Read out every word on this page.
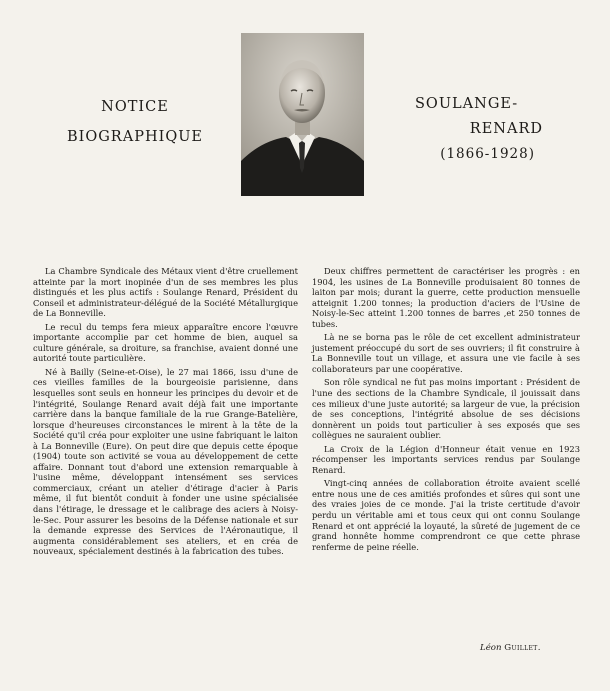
NOTICE
BIOGRAPHIQUE
SOULANGE-
RENARD
(1866-1928)

La Chambre Syndicale des Métaux vient d'être cruellement atteinte par la mort inopinée d'un de ses membres les plus distingués et les plus actifs : Soulange Renard, Président du Conseil et administrateur-délégué de la Société Métallurgique de La Bonneville.

Le recul du temps fera mieux apparaître encore l'œuvre importante accomplie par cet homme de bien, auquel sa culture générale, sa droiture, sa franchise, avaient donné une autorité toute particulière.

Né à Bailly (Seine-et-Oise), le 27 mai 1866, issu d'une de ces vieilles familles de la bourgeoisie parisienne, dans lesquelles sont seuls en honneur les principes du devoir et de l'intégrité, Soulange Renard avait déjà fait une importante carrière dans la banque familiale de la rue Grange-Batelière, lorsque d'heureuses circonstances le mirent à la tête de la Société qu'il créa pour exploiter une usine fabriquant le laiton à La Bonneville (Eure). On peut dire que depuis cette époque (1904) toute son activité se voua au développement de cette affaire. Donnant tout d'abord une extension remarquable à l'usine même, développant intensément ses services commerciaux, créant un atelier d'étirage d'acier à Paris même, il fut bientôt conduit à fonder une usine spécialisée dans l'étirage, le dressage et le calibrage des aciers à Noisy-le-Sec. Pour assurer les besoins de la Défense nationale et sur la demande expresse des Services de l'Aéronautique, il augmenta considérablement ses ateliers, et en créa de nouveaux, spécialement destinés à la fabrication des tubes.

Deux chiffres permettent de caractériser les progrès : en 1904, les usines de La Bonneville produisaient 80 tonnes de laiton par mois; durant la guerre, cette production mensuelle atteignit 1.200 tonnes; la production d'aciers de l'Usine de Noisy-le-Sec atteint 1.200 tonnes de barres ,et 250 tonnes de tubes.

Là ne se borna pas le rôle de cet excellent administrateur justement préoccupé du sort de ses ouvriers; il fit construire à La Bonneville tout un village, et assura une vie facile à ses collaborateurs par une coopérative.

Son rôle syndical ne fut pas moins important : Président de l'une des sections de la Chambre Syndicale, il jouissait dans ces milieux d'une juste autorité; sa largeur de vue, la précision de ses conceptions, l'intégrité absolue de ses décisions donnèrent un poids tout particulier à ses exposés que ses collègues ne sauraient oublier.

La Croix de la Légion d'Honneur était venue en 1923 récompenser les importants services rendus par Soulange Renard.

Vingt-cinq années de collaboration étroite avaient scellé entre nous une de ces amitiés profondes et sûres qui sont une des vraies joies de ce monde. J'ai la triste certitude d'avoir perdu un véritable ami et tous ceux qui ont connu Soulange Renard et ont apprécié la loyauté, la sûreté de jugement de ce grand honnête homme comprendront ce que cette phrase renferme de peine réelle.

Léon Guillet.
